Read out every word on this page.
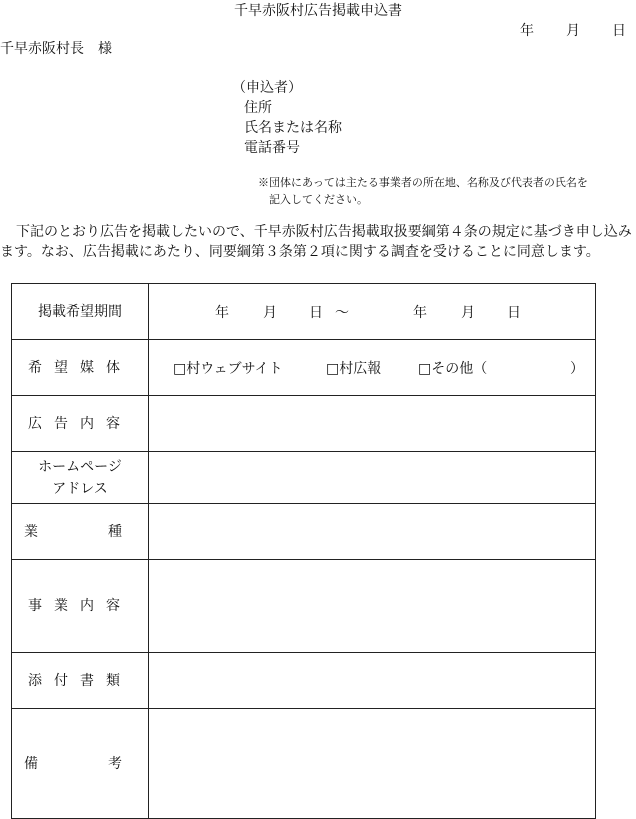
千早赤阪村広告掲載申込書
年 月 日
千早赤阪村長　様
（申込者）
住所
氏名または名称
電話番号
※団体にあっては主たる事業者の所在地、名称及び代表者の氏名を
記入してください。

下記のとおり広告を掲載したいので、千早赤阪村広告掲載取扱要綱第４条の規定に基づき申し込みます。なお、広告掲載にあたり、同要綱第３条第２項に関する調査を受けることに同意します。

掲載希望期間	年 月 日 ～ 年 月 日
希望媒体	□村ウェブサイト □村広報 □その他（ ）
広告内容	

ホームページ
アドレス	

業　　種	
事業内容	
添付書類	
備　　考	
